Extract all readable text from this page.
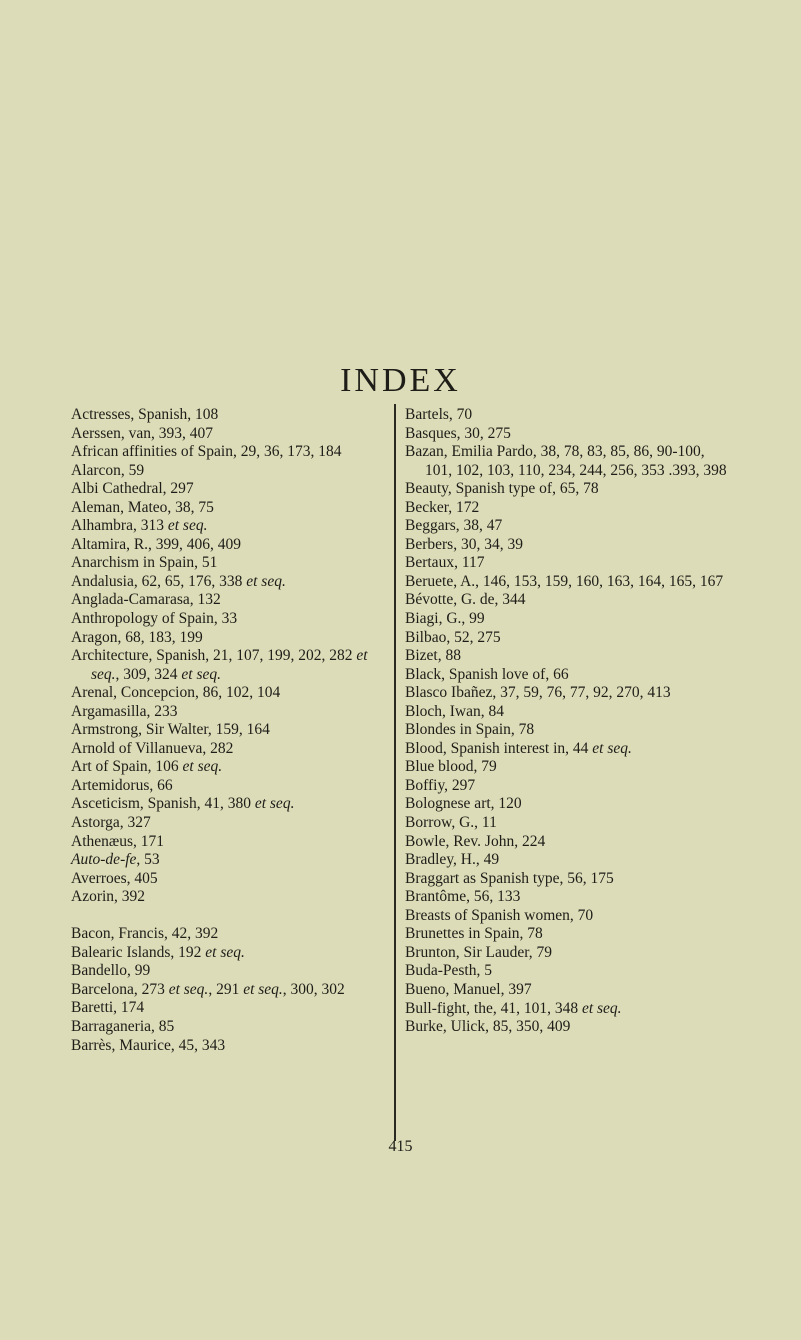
INDEX
Actresses, Spanish, 108
Aerssen, van, 393, 407
African affinities of Spain, 29, 36, 173, 184
Alarcon, 59
Albi Cathedral, 297
Aleman, Mateo, 38, 75
Alhambra, 313 et seq.
Altamira, R., 399, 406, 409
Anarchism in Spain, 51
Andalusia, 62, 65, 176, 338 et seq.
Anglada-Camarasa, 132
Anthropology of Spain, 33
Aragon, 68, 183, 199
Architecture, Spanish, 21, 107, 199, 202, 282 et seq., 309, 324 et seq.
Arenal, Concepcion, 86, 102, 104
Argamasilla, 233
Armstrong, Sir Walter, 159, 164
Arnold of Villanueva, 282
Art of Spain, 106 et seq.
Artemidorus, 66
Asceticism, Spanish, 41, 380 et seq.
Astorga, 327
Athenæus, 171
Auto-de-fe, 53
Averroes, 405
Azorin, 392
Bacon, Francis, 42, 392
Balearic Islands, 192 et seq.
Bandello, 99
Barcelona, 273 et seq., 291 et seq., 300, 302
Baretti, 174
Barraganeria, 85
Barrès, Maurice, 45, 343
Bartels, 70
Basques, 30, 275
Bazan, Emilia Pardo, 38, 78, 83, 85, 86, 90-100, 101, 102, 103, 110, 234, 244, 256, 353 .393, 398
Beauty, Spanish type of, 65, 78
Becker, 172
Beggars, 38, 47
Berbers, 30, 34, 39
Bertaux, 117
Beruete, A., 146, 153, 159, 160, 163, 164, 165, 167
Bévotte, G. de, 344
Biagi, G., 99
Bilbao, 52, 275
Bizet, 88
Black, Spanish love of, 66
Blasco Ibañez, 37, 59, 76, 77, 92, 270, 413
Bloch, Iwan, 84
Blondes in Spain, 78
Blood, Spanish interest in, 44 et seq.
Blue blood, 79
Boffiy, 297
Bolognese art, 120
Borrow, G., 11
Bowle, Rev. John, 224
Bradley, H., 49
Braggart as Spanish type, 56, 175
Brantôme, 56, 133
Breasts of Spanish women, 70
Brunettes in Spain, 78
Brunton, Sir Lauder, 79
Buda-Pesth, 5
Bueno, Manuel, 397
Bull-fight, the, 41, 101, 348 et seq.
Burke, Ulick, 85, 350, 409
415
